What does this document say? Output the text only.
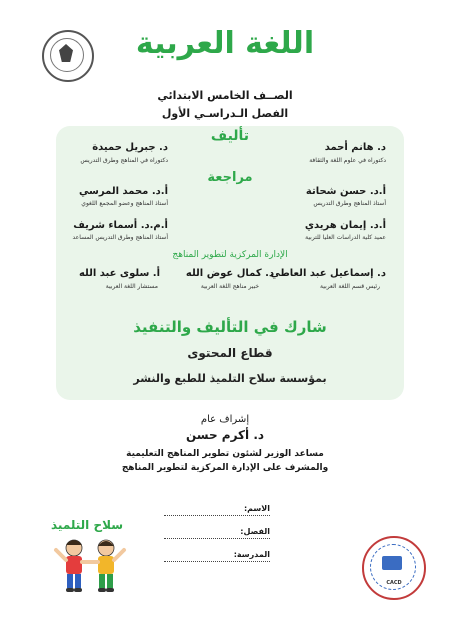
اللغة العربية
الصــف الخامس الابتدائي
الفصل الـدراسـي الأول
تأليف
د. هانم أحمد
دكتوراه في علوم اللغة والثقافة
د. جبريل حميدة
دكتوراه في المناهج وطرق التدريس
مراجعة
أ.د. حسن شحاتة
أستاذ المناهج وطرق التدريس
أ.د. محمد المرسي
أستاذ المناهج وعضو المجمع اللغوي
أ.د. إيمان هريدي
عميد كلية الدراسات العليا للتربية
أ.م.د. أسماء شريف
أستاذ المناهج وطرق التدريس المساعد
الإدارة المركزية لتطوير المناهج
د. إسماعيل عبد العاطي
رئيس قسم اللغة العربية
د. كمال عوض الله
خبير مناهج اللغة العربية
أ. سلوى عبد الله
مستشار اللغة العربية
شارك في التأليف والتنفيذ
قطاع المحتوى
بمؤسسة سلاح التلميذ للطبع والنشر
إشراف عام
د. أكرم حسن
مساعد الوزير لشئون تطوير المناهج التعليمية
والمشرف على الإدارة المركزية لتطوير المناهج
الاسم:
الفصل:
المدرسة:
سلاح التلميذ
CACD
